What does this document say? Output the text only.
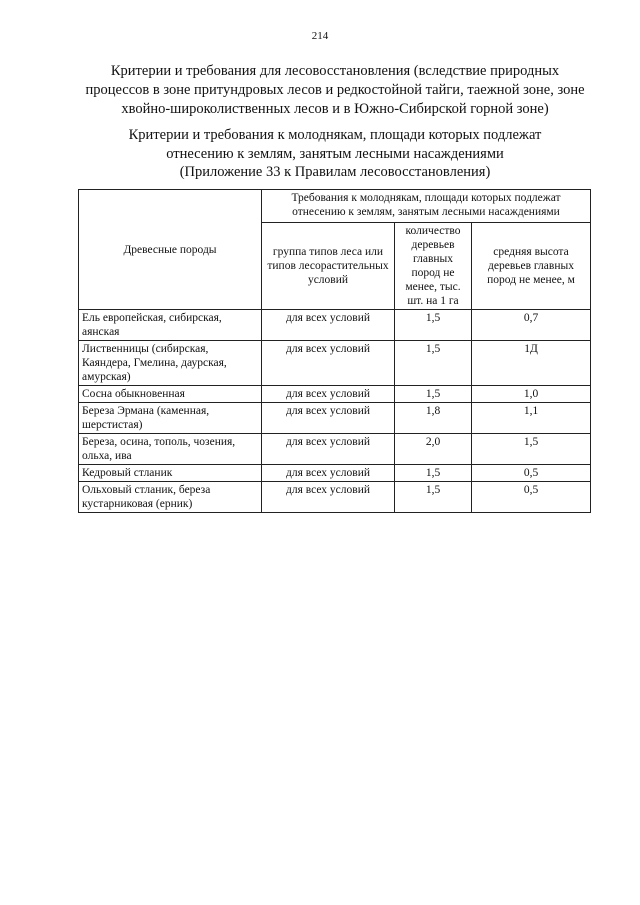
214
Критерии и требования для лесовосстановления (вследствие природных процессов в зоне притундровых лесов и редкостойной тайги, таежной зоне, зоне хвойно-широколиственных лесов и в Южно-Сибирской горной зоне)
Критерии и требования к молоднякам, площади которых подлежат
отнесению к землям, занятым лесными насаждениями
(Приложение 33 к Правилам лесовосстановления)
Древесные породы	Требования к молоднякам, площади которых подлежат отнесению к землям, занятым лесными насаждениями		
	группа типов леса или типов лесорастительных условий	количество деревьев главных пород не менее, тыс. шт. на 1 га	средняя высота деревьев главных пород не менее, м
Ель европейская, сибирская, аянская	для всех условий	1,5	0,7
Лиственницы (сибирская, Каяндера, Гмелина, даурская, амурская)	для всех условий	1,5	1Д
Сосна обыкновенная	для всех условий	1,5	1,0
Береза Эрмана (каменная, шерстистая)	для всех условий	1,8	1,1
Береза, осина, тополь, чозения, ольха, ива	для всех условий	2,0	1,5
Кедровый стланик	для всех условий	1,5	0,5
Ольховый стланик, береза кустарниковая (ерник)	для всех условий	1,5	0,5
